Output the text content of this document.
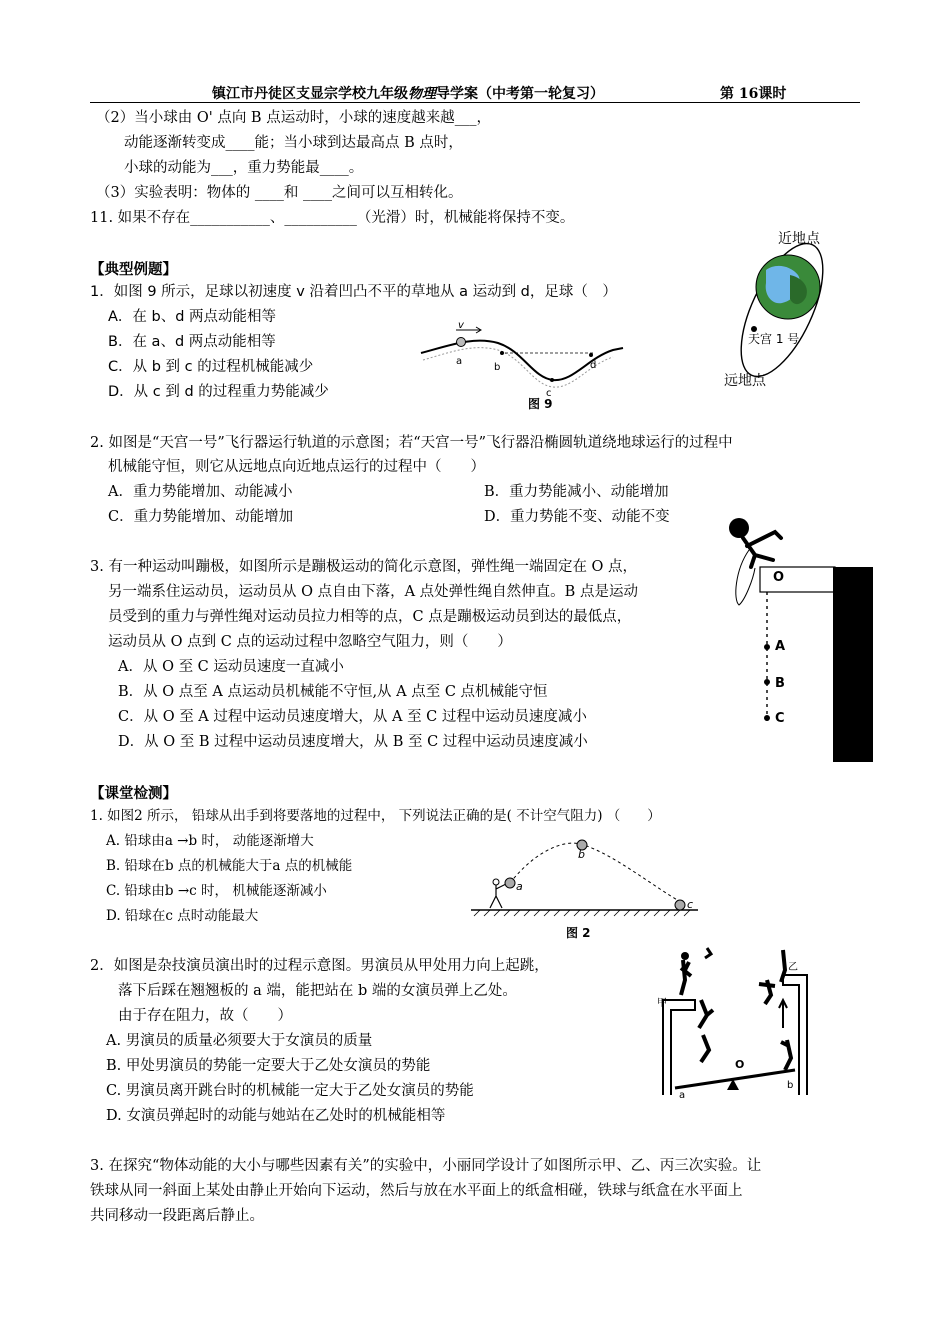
镇江市丹徒区支显宗学校九年级物理导学案（中考第一轮复习）	第 16课时
（2）当小球由 O' 点向 B 点运动时，小球的速度越来越___，
动能逐渐转变成____能；当小球到达最高点 B 点时，
小球的动能为___，重力势能最____。
（3）实验表明：物体的 ____和 ____之间可以互相转化。
11. 如果不存在___________、__________（光滑）时，机械能将保持不变。
【典型例题】
1．如图 9 所示，足球以初速度 v 沿着凹凸不平的草地从 a 运动到 d，足球（　）
A．在 b、d 两点动能相等
B．在 a、d 两点动能相等
C．从 b 到 c 的过程机械能减少
D．从 c 到 d 的过程重力势能减少
v
a
b
c
d
图 9
近地点
天宫 1 号
远地点
2. 如图是“天宫一号”飞行器运行轨道的示意图；若“天宫一号”飞行器沿椭圆轨道绕地球运行的过程中
机械能守恒，则它从远地点向近地点运行的过程中（　　）
A．重力势能增加、动能减小	B．重力势能减小、动能增加
C．重力势能增加、动能增加	D．重力势能不变、动能不变
3. 有一种运动叫蹦极，如图所示是蹦极运动的简化示意图，弹性绳一端固定在 O 点，
另一端系住运动员，运动员从 O 点自由下落，A 点处弹性绳自然伸直。B 点是运动
员受到的重力与弹性绳对运动员拉力相等的点，C 点是蹦极运动员到达的最低点，
运动员从 O 点到 C 点的运动过程中忽略空气阻力，则（　　）
A．从 O 至 C 运动员速度一直减小
B．从 O 点至 A 点运动员机械能不守恒,从 A 点至 C 点机械能守恒
C．从 O 至 A 过程中运动员速度增大，从 A 至 C 过程中运动员速度减小
D．从 O 至 B 过程中运动员速度增大，从 B 至 C 过程中运动员速度减小
O
A
B
C
【课堂检测】
1. 如图2 所示， 铅球从出手到将要落地的过程中， 下列说法正确的是( 不计空气阻力) （　　）
A. 铅球由a →b 时， 动能逐渐增大
B. 铅球在b 点的机械能大于a 点的机械能
C. 铅球由b →c 时， 机械能逐渐减小
D. 铅球在c 点时动能最大
a
b
c
图 2
2．如图是杂技演员演出时的过程示意图。男演员从甲处用力向上起跳，
落下后踩在翘翘板的 a 端，能把站在 b 端的女演员弹上乙处。
由于存在阻力，故（　　）
A. 男演员的质量必须要大于女演员的质量
B. 甲处男演员的势能一定要大于乙处女演员的势能
C. 男演员离开跳台时的机械能一定大于乙处女演员的势能
D. 女演员弹起时的动能与她站在乙处时的机械能相等
甲
乙
O
a
b
3. 在探究“物体动能的大小与哪些因素有关”的实验中，小丽同学设计了如图所示甲、乙、丙三次实验。让
铁球从同一斜面上某处由静止开始向下运动，然后与放在水平面上的纸盒相碰，铁球与纸盒在水平面上
共同移动一段距离后静止。
